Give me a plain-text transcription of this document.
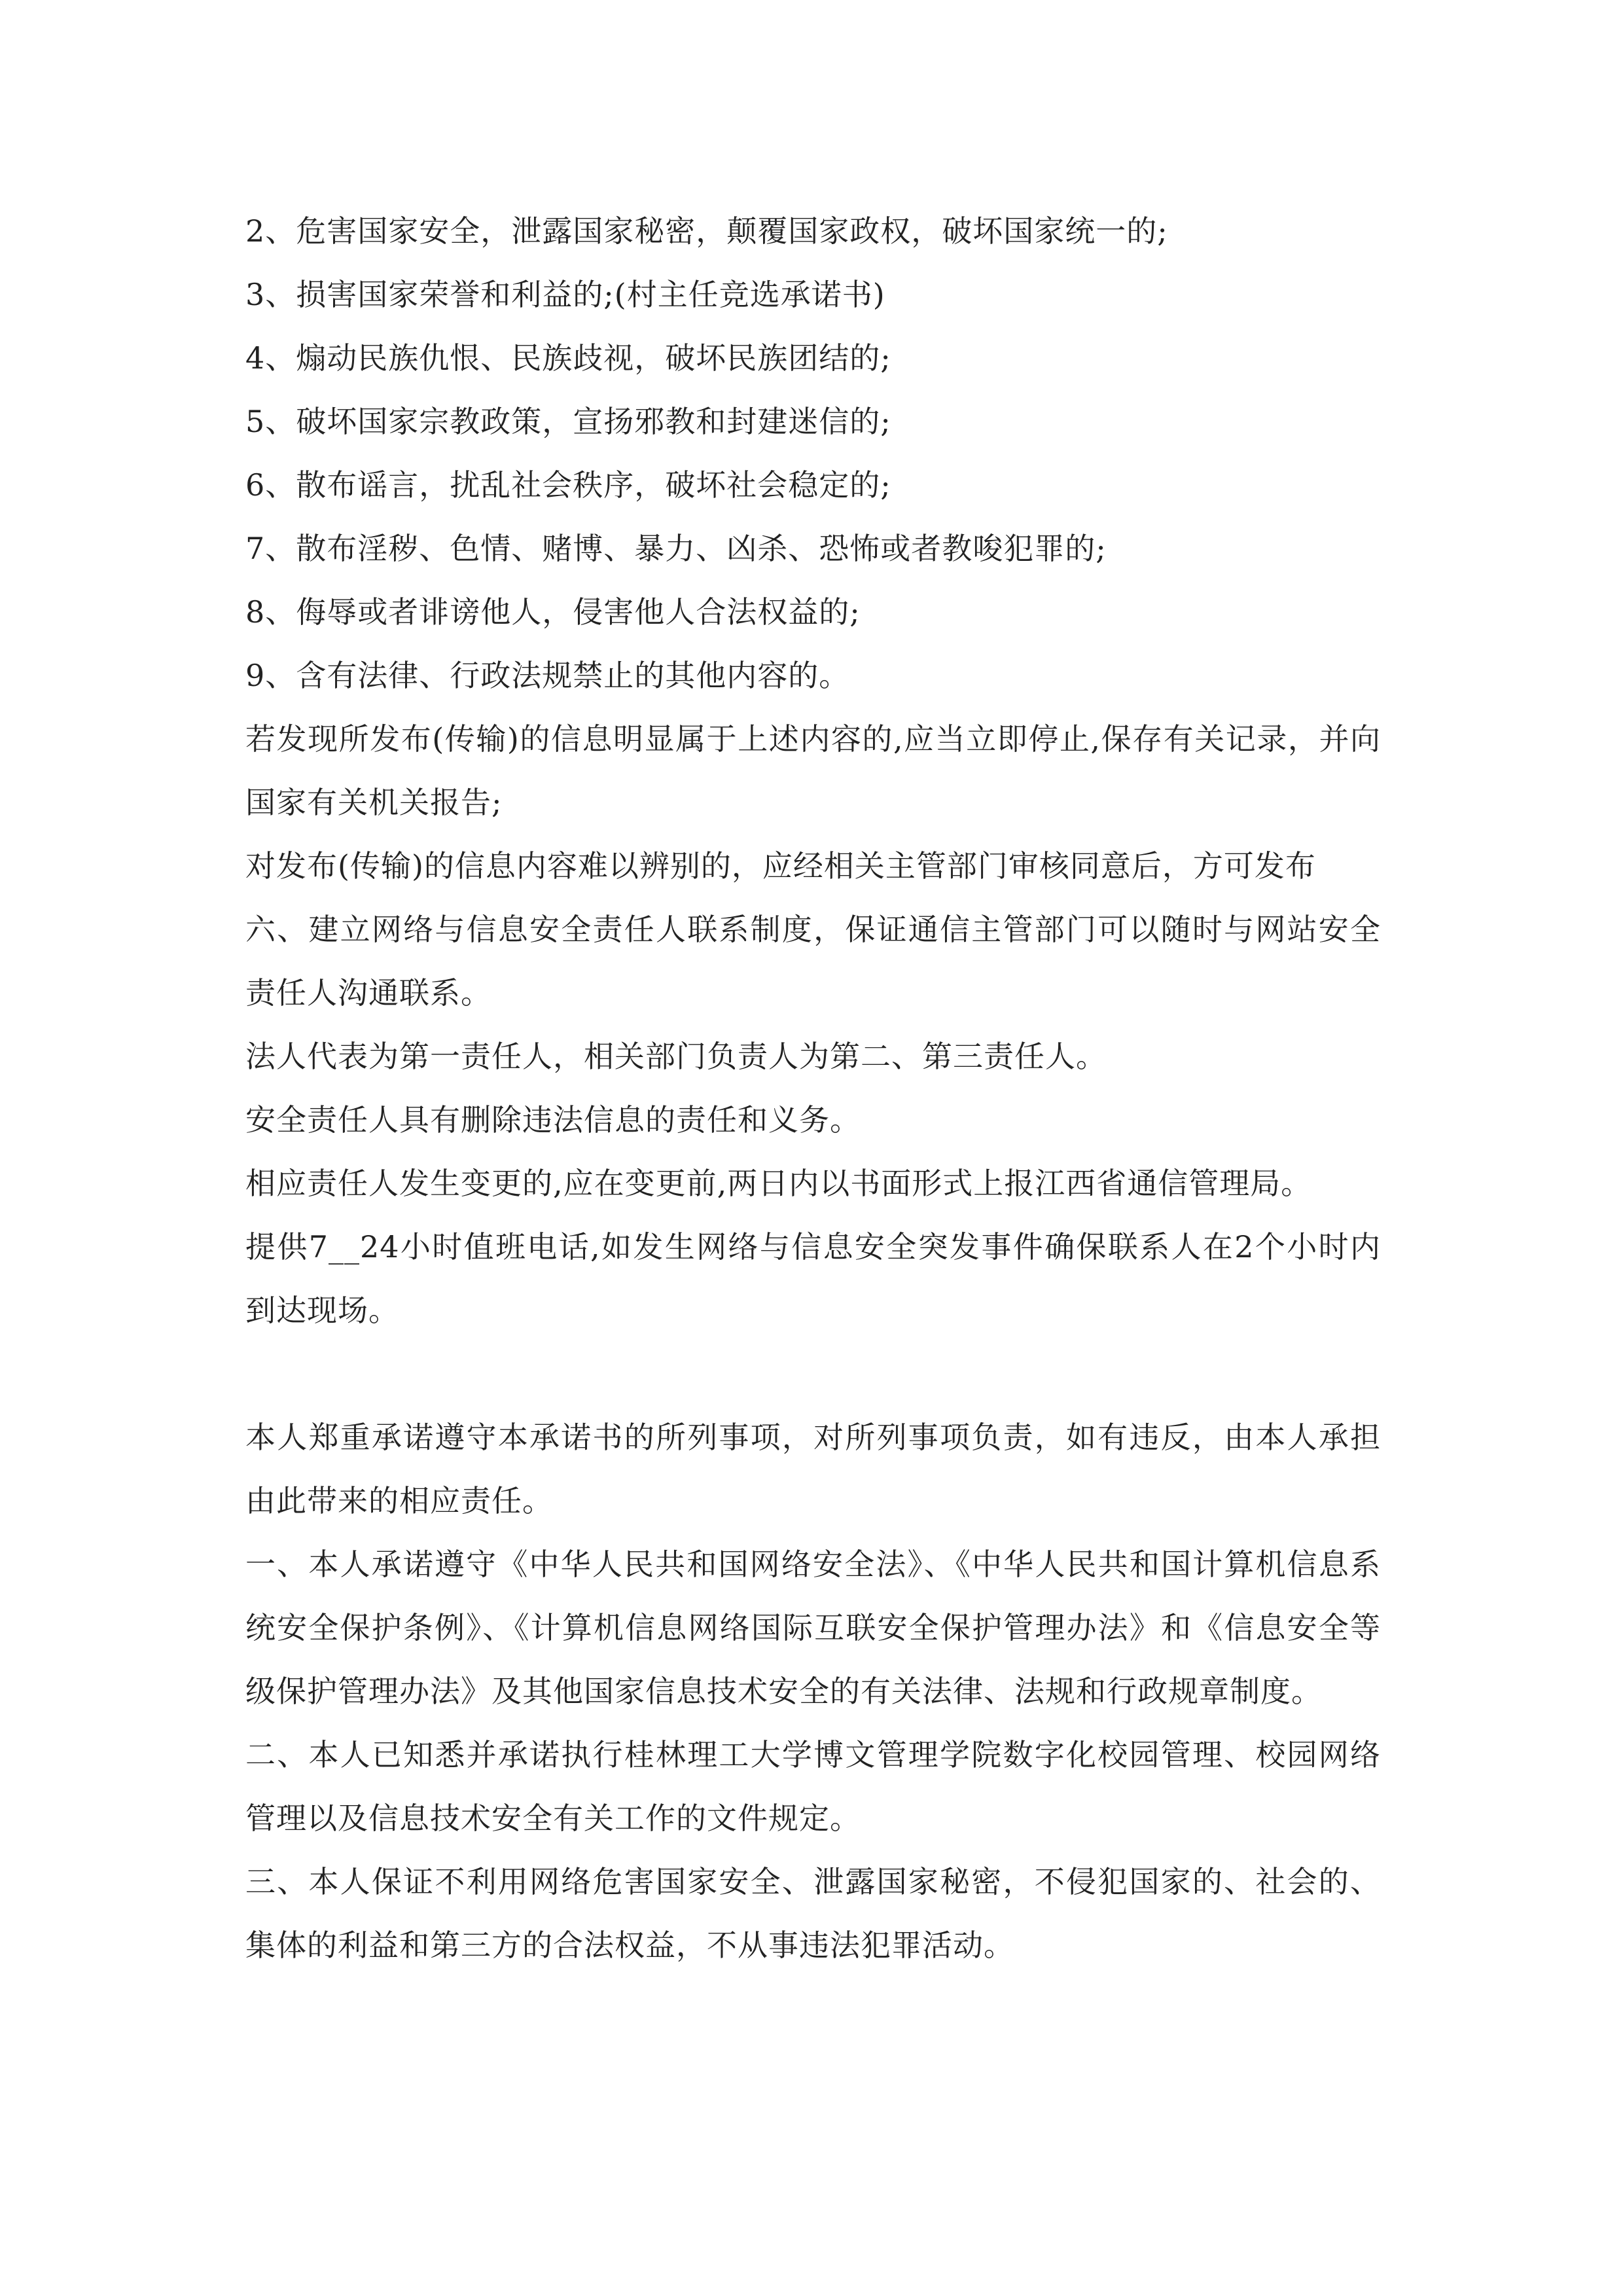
2、危害国家安全，泄露国家秘密，颠覆国家政权，破坏国家统一的;

3、损害国家荣誉和利益的;(村主任竞选承诺书)

4、煽动民族仇恨、民族歧视，破坏民族团结的;

5、破坏国家宗教政策，宣扬邪教和封建迷信的;

6、散布谣言，扰乱社会秩序，破坏社会稳定的;

7、散布淫秽、色情、赌博、暴力、凶杀、恐怖或者教唆犯罪的;

8、侮辱或者诽谤他人，侵害他人合法权益的;

9、含有法律、行政法规禁止的其他内容的。

若发现所发布(传输)的信息明显属于上述内容的,应当立即停止,保存有关记录，并向国家有关机关报告;

对发布(传输)的信息内容难以辨别的，应经相关主管部门审核同意后，方可发布

六、建立网络与信息安全责任人联系制度，保证通信主管部门可以随时与网站安全责任人沟通联系。

法人代表为第一责任人，相关部门负责人为第二、第三责任人。

安全责任人具有删除违法信息的责任和义务。

相应责任人发生变更的,应在变更前,两日内以书面形式上报江西省通信管理局。

提供7__24小时值班电话,如发生网络与信息安全突发事件确保联系人在2个小时内到达现场。

本人郑重承诺遵守本承诺书的所列事项，对所列事项负责，如有违反，由本人承担由此带来的相应责任。

一、本人承诺遵守《中华人民共和国网络安全法》、《中华人民共和国计算机信息系统安全保护条例》、《计算机信息网络国际互联安全保护管理办法》和《信息安全等级保护管理办法》及其他国家信息技术安全的有关法律、法规和行政规章制度。

二、本人已知悉并承诺执行桂林理工大学博文管理学院数字化校园管理、校园网络管理以及信息技术安全有关工作的文件规定。

三、本人保证不利用网络危害国家安全、泄露国家秘密，不侵犯国家的、社会的、集体的利益和第三方的合法权益，不从事违法犯罪活动。
